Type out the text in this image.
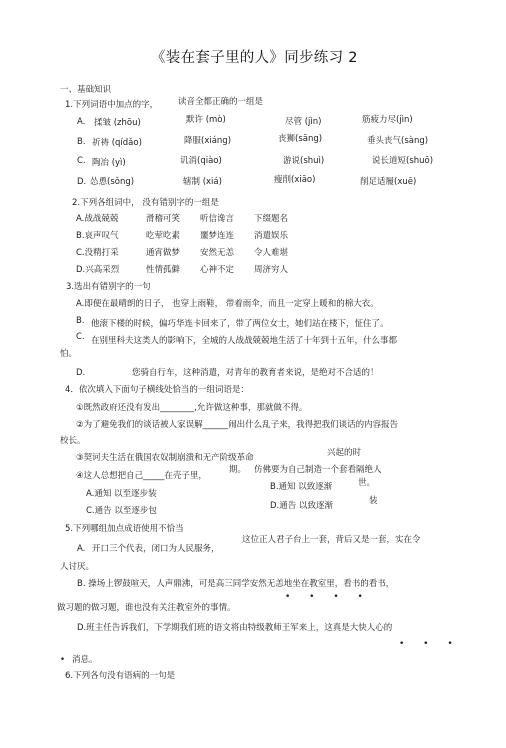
《装在套子里的人》同步练习 2
一、基础知识
1.下列词语中加点的字， 读音全都正确的一组是
A. 揉皱 (zhōu)	默许 (mò)	尽管 (jìn)	筋疲力尽(jìn)
B. 祈祷 (qídǎo)	降服(xiáng)	丧狮(sāng)	垂头丧气(sàng)
C. 陶冶 (yì)	讥消(qiào)	游说(shuì)	说长道短(shuō)
D. 怂恿(sǒng)	辖制 (xiá)	瘦削(xiāo)	削足适履(xuē)
2.下列各组词中， 没有错别字的一组是
A.战战兢兢	滑稽可笑 听信谗言 下缀题名
B.哀声叹气	吃荤吃素 噩梦连连 消遣娱乐
C.没精打采	通宵做梦 安然无恙 令人难堪
D.兴高采烈	性情孤僻 心神不定 周济穷人
3.选出有错别字的一句
A.即便在最晴朗的日子， 也穿上雨鞋， 带着雨伞，而且一定穿上暖和的棉大衣。
B. 他滚下楼的时候，偏巧华连卡回来了，带了两位女士，她们站在楼下，怔住了。
C. 在别里科夫这类人的影响下，全城的人战战兢兢地生活了十年到十五年，什么事都
怕。
D.	您骑自行车，这种消遣，对青年的教育者来说，是绝对不合适的！
4．依次填入下面句子横线处恰当的一组词语是：
①既然政府还没有发出________,允许做这种事，那就做不得。
②为了避免我们的谈话被人家误解______闹出什么乱子来，我得把我们谈话的内容报告
校长。
③契诃夫生活在俄国农奴制崩溃和无产阶级革命	兴起的时
④这人总想把自己_____在壳子里，
期。 仿佛要为自己制造一个套看隔绝人
世。
装
A.通知 以至逐步装
B.通知 以致逐渐
C.通告 以至逐步包	D.通告 以致逐渐
5.下列哪组加点成语使用不恰当
A. 开口三个代表，闭口为人民服务，
这位正人君子台上一套，背后又是一套，实在令
人讨厌。
B. 操场上锣鼓喧天，人声鼎沸，可是高三同学安然无恙地坐在教室里，看书的看书，
• • • •
做习题的做习题，谁也没有关注教室外的事情。
D.班主任告诉我们，下学期我们班的语文将由特级教师王军来上，这真是大快人心的
• • •
• 消息。
6.下列各句没有语病的一句是
